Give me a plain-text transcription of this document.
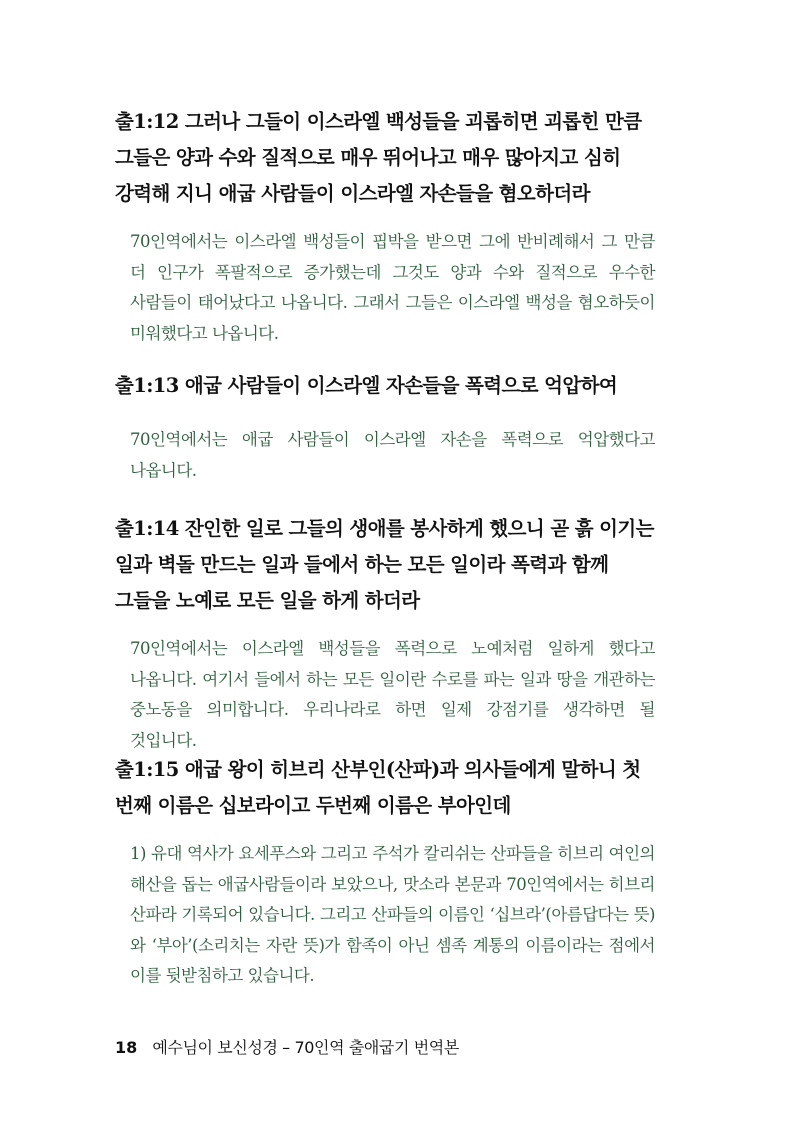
출1:12 그러나 그들이 이스라엘 백성들을 괴롭히면 괴롭힌 만큼 그들은 양과 수와 질적으로 매우 뛰어나고 매우 많아지고 심히 강력해 지니 애굽 사람들이 이스라엘 자손들을 혐오하더라

70인역에서는 이스라엘 백성들이 핍박을 받으면 그에 반비례해서 그 만큼 더 인구가 폭팔적으로 증가했는데 그것도 양과 수와 질적으로 우수한 사람들이 태어났다고 나옵니다. 그래서 그들은 이스라엘 백성을 혐오하듯이 미워했다고 나옵니다.

출1:13 애굽 사람들이 이스라엘 자손들을 폭력으로 억압하여

70인역에서는 애굽 사람들이 이스라엘 자손을 폭력으로 억압했다고 나옵니다.

출1:14 잔인한 일로 그들의 생애를 봉사하게 했으니 곧 흙 이기는 일과 벽돌 만드는 일과 들에서 하는 모든 일이라 폭력과 함께 그들을 노예로 모든 일을 하게 하더라

70인역에서는 이스라엘 백성들을 폭력으로 노예처럼 일하게 했다고 나옵니다. 여기서 들에서 하는 모든 일이란 수로를 파는 일과 땅을 개관하는 중노동을 의미합니다. 우리나라로 하면 일제 강점기를 생각하면 될 것입니다.

출1:15 애굽 왕이 히브리 산부인(산파)과 의사들에게 말하니 첫 번째 이름은 십보라이고 두번째 이름은 부아인데

1) 유대 역사가 요세푸스와 그리고 주석가 칼리쉬는 산파들을 히브리 여인의 해산을 돕는 애굽사람들이라 보았으나, 맛소라 본문과 70인역에서는 히브리 산파라 기록되어 있습니다. 그리고 산파들의 이름인 ‘십브라’(아름답다는 뜻)와 ‘부아’(소리치는 자란 뜻)가 함족이 아닌 셈족 계통의 이름이라는 점에서 이를 뒷받침하고 있습니다.

18 예수님이 보신성경 – 70인역 출애굽기 번역본
